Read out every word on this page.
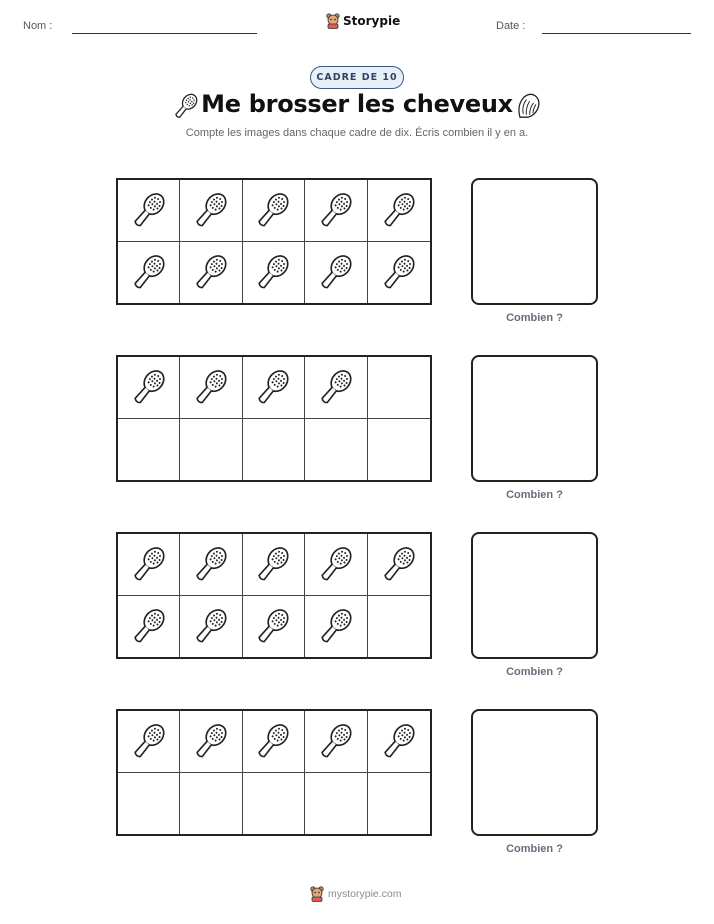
Nom :	Storypie	Date :
CADRE DE 10
Me brosser les cheveux
Compte les images dans chaque cadre de dix. Écris combien il y en a.
Combien ?
Combien ?
Combien ?
Combien ?
mystorypie.com
